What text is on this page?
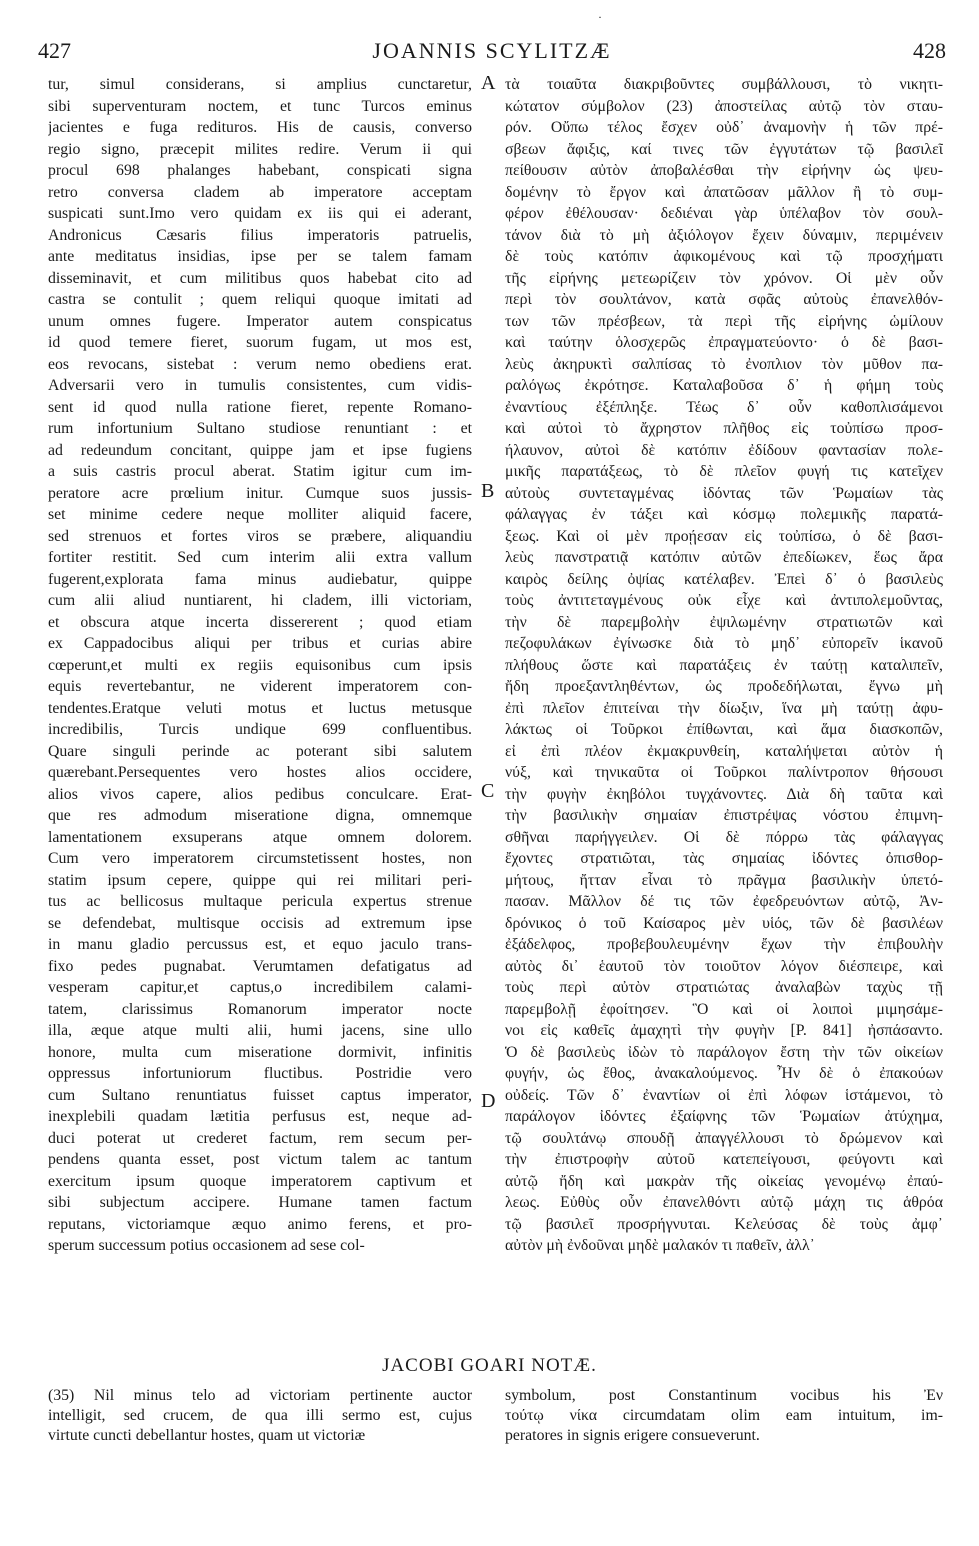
·
427	JOANNIS SCYLITZÆ	428
tur, simul considerans, si amplius cunctaretur,
sibi superventuram noctem, et tunc Turcos eminus
jacientes e fuga redituros. His de causis, converso
regio signo, præcepit milites redire. Verum ii qui
procul 698 phalanges habebant, conspicati signa
retro conversa cladem ab imperatore acceptam
suspicati sunt.Imo vero quidam ex iis qui ei aderant,
Andronicus Cæsaris filius imperatoris patruelis,
ante meditatus insidias, ipse per se talem famam
disseminavit, et cum militibus quos habebat cito ad
castra se contulit ; quem reliqui quoque imitati ad
unum omnes fugere. Imperator autem conspicatus
id quod temere fieret, suorum fugam, ut mos est,
eos revocans, sistebat : verum nemo obediens erat.
Adversarii vero in tumulis consistentes, cum vidis-
sent id quod nulla ratione fieret, repente Romano-
rum infortunium Sultano studiose renuntiant : et
ad redeundum concitant, quippe jam et ipse fugiens
a suis castris procul aberat. Statim igitur cum im-
peratore acre prœlium initur. Cumque suos jussis-
set minime cedere neque molliter aliquid facere,
sed strenuos et fortes viros se præbere, aliquandiu
fortiter restitit. Sed cum interim alii extra vallum
fugerent,explorata fama minus audiebatur, quippe
cum alii aliud nuntiarent, hi cladem, illi victoriam,
et obscura atque incerta dissererent ; quod etiam
ex Cappadocibus aliqui per tribus et curias abire
cœperunt,et multi ex regiis equisonibus cum ipsis
equis revertebantur, ne viderent imperatorem con-
tendentes.Eratque veluti motus et luctus metusque
incredibilis, Turcis undique 699 confluentibus.
Quare singuli perinde ac poterant sibi salutem
quærebant.Persequentes vero hostes alios occidere,
alios vivos capere, alios pedibus conculcare. Erat-
que res admodum miseratione digna, omnemque
lamentationem exsuperans atque omnem dolorem.
Cum vero imperatorem circumstetissent hostes, non
statim ipsum cepere, quippe qui rei militari peri-
tus ac bellicosus multaque pericula expertus strenue
se defendebat, multisque occisis ad extremum ipse
in manu gladio percussus est, et equo jaculo trans-
fixo pedes pugnabat. Verumtamen defatigatus ad
vesperam capitur,et captus,o incredibilem calami-
tatem, clarissimus Romanorum imperator nocte
illa, æque atque multi alii, humi jacens, sine ullo
honore, multa cum miseratione dormivit, infinitis
oppressus infortuniorum fluctibus. Postridie vero
cum Sultano renuntiatus fuisset captus imperator,
inexplebili quadam lætitia perfusus est, neque ad-
duci poterat ut crederet factum, rem secum per-
pendens quanta esset, post victum talem ac tantum
exercitum ipsum quoque imperatorem captivum et
sibi subjectum accipere. Humane tamen factum
reputans, victoriamque æquo animo ferens, et pro-
sperum successum potius occasionem ad sese col-
τὰ τοιαῦτα διακριβοῦντες συμβάλλουσι, τὸ νικητι-
κώτατον σύμβολον (23) ἀποστείλας αὐτῷ τὸν σταυ-
ρόν. Οὔπω τέλος ἔσχεν οὐδ᾽ ἀναμονὴν ἡ τῶν πρέ-
σβεων ἄφιξις, καί τινες τῶν ἐγγυτάτων τῷ βασιλεῖ
πείθουσιν αὐτὸν ἀποβαλέσθαι τὴν εἰρήνην ὡς ψευ-
δομένην τὸ ἔργον καὶ ἀπατῶσαν μᾶλλον ἢ τὸ συμ-
φέρον ἐθέλουσαν· δεδιέναι γὰρ ὑπέλαβον τὸν σουλ-
τάνον διὰ τὸ μὴ ἀξιόλογον ἔχειν δύναμιν, περιμένειν
δὲ τοὺς κατόπιν ἀφικομένους καὶ τῷ προσχήματι
τῆς εἰρήνης μετεωρίζειν τὸν χρόνον. Οἱ μὲν οὖν
περὶ τὸν σουλτάνον, κατὰ σφᾶς αὐτοὺς ἐπανελθόν-
των τῶν πρέσβεων, τὰ περὶ τῆς εἰρήνης ὡμίλουν
καὶ ταύτην ὁλοσχερῶς ἐπραγματεύοντο· ὁ δὲ βασι-
λεὺς ἀκηρυκτὶ σαλπίσας τὸ ἐνοπλιον τὸν μῦθον πα-
ραλόγως ἐκρότησε. Καταλαβοῦσα δ᾽ ἡ φήμη τοὺς
ἐναντίους ἐξέπληξε. Τέως δ᾽ οὖν καθοπλισάμενοι
καὶ αὐτοὶ τὸ ἄχρηστον πλῆθος εἰς τοὐπίσω προσ-
ήλαυνον, αὐτοὶ δὲ κατόπιν ἐδίδουν φαντασίαν πολε-
μικῆς παρατάξεως, τὸ δὲ πλεῖον φυγή τις κατεῖχεν
αὐτοὺς συντεταγμένας ἰδόντας τῶν Ῥωμαίων τὰς
φάλαγγας ἐν τάξει καὶ κόσμῳ πολεμικῆς παρατά-
ξεως. Καὶ οἱ μὲν προῄεσαν εἰς τοὐπίσω, ὁ δὲ βασι-
λεὺς πανστρατιᾷ κατόπιν αὐτῶν ἐπεδίωκεν, ἕως ἄρα
καιρὸς δείλης ὀψίας κατέλαβεν. Ἐπεὶ δ᾽ ὁ βασιλεὺς
τοὺς ἀντιτεταγμένους οὐκ εἶχε καὶ ἀντιπολεμοῦντας,
τὴν δὲ παρεμβολὴν ἐψιλωμένην στρατιωτῶν καὶ
πεζοφυλάκων ἐγίνωσκε διὰ τὸ μηδ᾽ εὐπορεῖν ἱκανοῦ
πλήθους ὥστε καὶ παρατάξεις ἐν ταύτῃ καταλιπεῖν,
ἤδη προεξαντληθέντων, ὡς προδεδήλωται, ἔγνω μὴ
ἐπὶ πλεῖον ἐπιτείναι τὴν δίωξιν, ἵνα μὴ ταύτῃ ἀφυ-
λάκτως οἱ Τοῦρκοι ἐπίθωνται, καὶ ἅμα διασκοπῶν,
εἰ ἐπὶ πλέον ἐκμακρυνθείη, καταλήψεται αὐτὸν ἡ
νύξ, καὶ τηνικαῦτα οἱ Τοῦρκοι παλίντροπον θήσουσι
τὴν φυγὴν ἐκηβόλοι τυγχάνοντες. Διὰ δὴ ταῦτα καὶ
τὴν βασιλικὴν σημαίαν ἐπιστρέψας νόστου ἐπιμνη-
σθῆναι παρήγγειλεν. Οἱ δὲ πόρρω τὰς φάλαγγας
ἔχοντες στρατιῶται, τὰς σημαίας ἰδόντες ὀπισθορ-
μήτους, ἤτταν εἶναι τὸ πρᾶγμα βασιλικὴν ὑπετό-
πασαν. Μᾶλλον δέ τις τῶν ἐφεδρευόντων αὐτῷ, Ἀν-
δρόνικος ὁ τοῦ Καίσαρος μὲν υἱός, τῶν δὲ βασιλέων
ἐξάδελφος, προβεβουλευμένην ἔχων τὴν ἐπιβουλὴν
αὐτὸς δι᾽ ἑαυτοῦ τὸν τοιοῦτον λόγον διέσπειρε, καὶ
τοὺς περὶ αὐτὸν στρατιώτας ἀναλαβὼν ταχὺς τῇ
παρεμβολῇ ἐφοίτησεν. Ὃ καὶ οἱ λοιποὶ μιμησάμε-
νοι εἰς καθεῖς ἀμαχητὶ τὴν φυγὴν [P. 841] ἠσπάσαντο.
Ὁ δὲ βασιλεὺς ἰδὼν τὸ παράλογον ἔστη τὴν τῶν οἰκείων
φυγήν, ὡς ἔθος, ἀνακαλούμενος. Ἦν δὲ ὁ ἐπακούων
οὐδείς. Τῶν δ᾽ ἐναντίων οἱ ἐπὶ λόφων ἱστάμενοι, τὸ
παράλογον ἰδόντες ἐξαίφνης τῶν Ῥωμαίων ἀτύχημα,
τῷ σουλτάνῳ σπουδῇ ἀπαγγέλλουσι τὸ δρώμενον καὶ
τὴν ἐπιστροφὴν αὐτοῦ κατεπείγουσι, φεύγοντι καὶ
αὐτῷ ἤδη καὶ μακρὰν τῆς οἰκείας γενομένῳ ἐπαύ-
λεως. Εὐθὺς οὖν ἐπανελθόντι αὐτῷ μάχη τις ἁθρόα
τῷ βασιλεῖ προσρήγνυται. Κελεύσας δὲ τοὺς ἀμφ᾽
αὐτὸν μὴ ἐνδοῦναι μηδὲ μαλακόν τι παθεῖν, ἀλλ᾽
A
B
C
D
JACOBI GOARI NOTÆ.
(35) Nil minus telo ad victoriam pertinente auctor
intelligit, sed crucem, de qua illi sermo est, cujus
virtute cuncti debellantur hostes, quam ut victoriæ
symbolum, post Constantinum vocibus his Ἐν
τούτῳ νίκα circumdatam olim eam intuitum, im-
peratores in signis erigere consueverunt.
